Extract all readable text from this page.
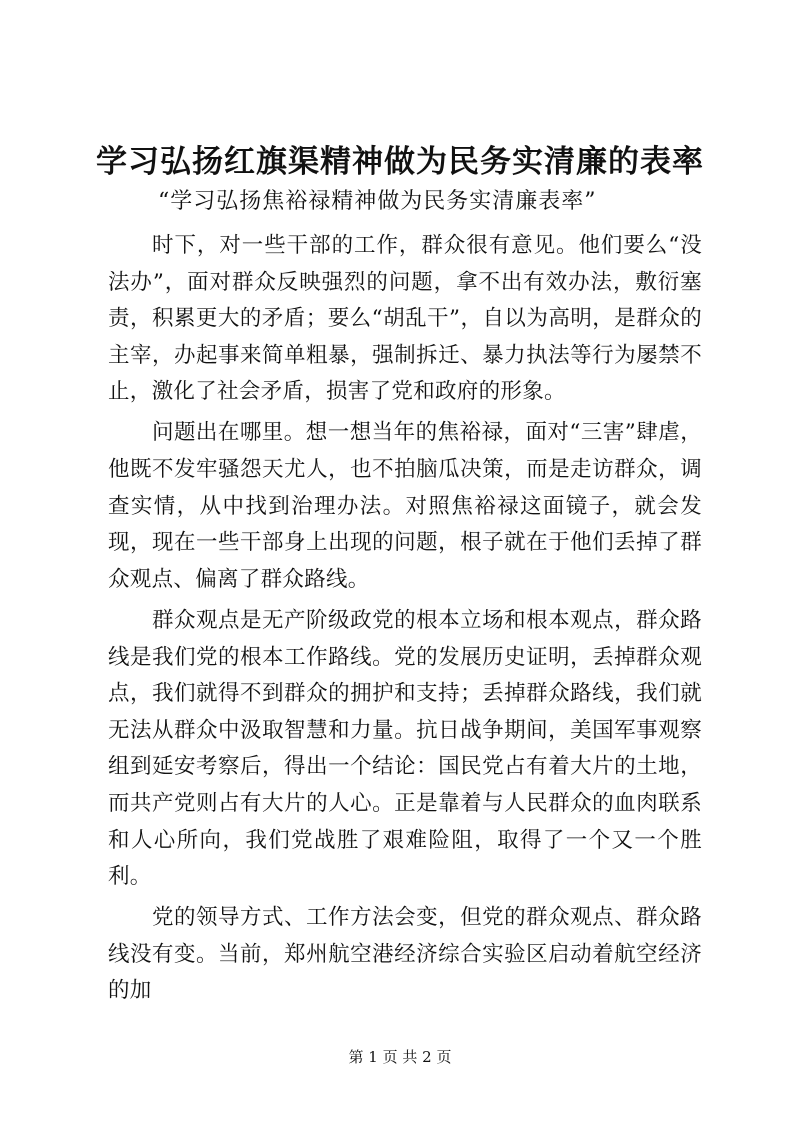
学习弘扬红旗渠精神做为民务实清廉的表率

“学习弘扬焦裕禄精神做为民务实清廉表率”

时下，对一些干部的工作，群众很有意见。他们要么“没法办”，面对群众反映强烈的问题，拿不出有效办法，敷衍塞责，积累更大的矛盾；要么“胡乱干”，自以为高明，是群众的主宰，办起事来简单粗暴，强制拆迁、暴力执法等行为屡禁不止，激化了社会矛盾，损害了党和政府的形象。

问题出在哪里。想一想当年的焦裕禄，面对“三害”肆虐，他既不发牢骚怨天尤人，也不拍脑瓜决策，而是走访群众，调查实情，从中找到治理办法。对照焦裕禄这面镜子，就会发现，现在一些干部身上出现的问题，根子就在于他们丢掉了群众观点、偏离了群众路线。

群众观点是无产阶级政党的根本立场和根本观点，群众路线是我们党的根本工作路线。党的发展历史证明，丢掉群众观点，我们就得不到群众的拥护和支持；丢掉群众路线，我们就无法从群众中汲取智慧和力量。抗日战争期间，美国军事观察组到延安考察后，得出一个结论：国民党占有着大片的土地，而共产党则占有大片的人心。正是靠着与人民群众的血肉联系和人心所向，我们党战胜了艰难险阻，取得了一个又一个胜利。

党的领导方式、工作方法会变，但党的群众观点、群众路线没有变。当前，郑州航空港经济综合实验区启动着航空经济的加

第 1 页 共 2 页
